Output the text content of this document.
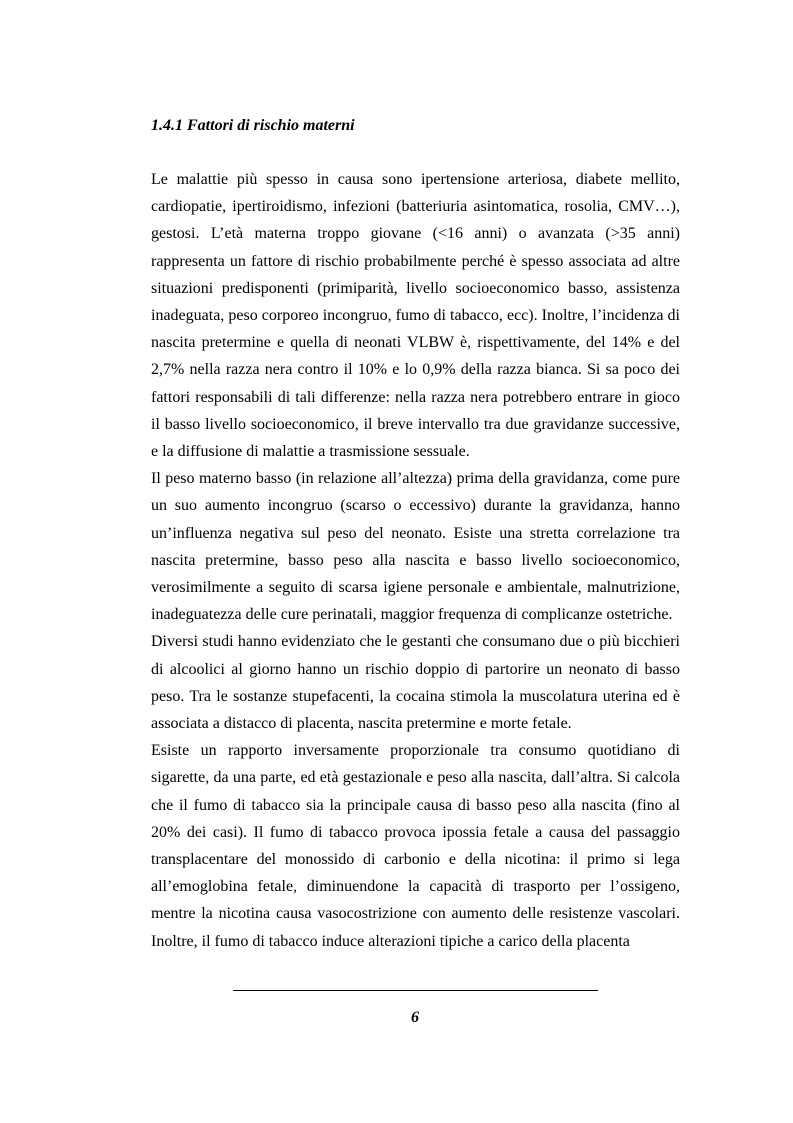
1.4.1 Fattori di rischio materni

Le malattie più spesso in causa sono ipertensione arteriosa, diabete mellito, cardiopatie, ipertiroidismo, infezioni (batteriuria asintomatica, rosolia, CMV…), gestosi. L’età materna troppo giovane (<16 anni) o avanzata (>35 anni) rappresenta un fattore di rischio probabilmente perché è spesso associata ad altre situazioni predisponenti (primiparità, livello socioeconomico basso, assistenza inadeguata, peso corporeo incongruo, fumo di tabacco, ecc). Inoltre, l’incidenza di nascita pretermine e quella di neonati VLBW è, rispettivamente, del 14% e del 2,7% nella razza nera contro il 10% e lo 0,9% della razza bianca. Si sa poco dei fattori responsabili di tali differenze: nella razza nera potrebbero entrare in gioco il basso livello socioeconomico, il breve intervallo tra due gravidanze successive, e la diffusione di malattie a trasmissione sessuale.

Il peso materno basso (in relazione all’altezza) prima della gravidanza, come pure un suo aumento incongruo (scarso o eccessivo) durante la gravidanza, hanno un’influenza negativa sul peso del neonato. Esiste una stretta correlazione tra nascita pretermine, basso peso alla nascita e basso livello socioeconomico, verosimilmente a seguito di scarsa igiene personale e ambientale, malnutrizione, inadeguatezza delle cure perinatali, maggior frequenza di complicanze ostetriche.

Diversi studi hanno evidenziato che le gestanti che consumano due o più bicchieri di alcoolici al giorno hanno un rischio doppio di partorire un neonato di basso peso. Tra le sostanze stupefacenti, la cocaina stimola la muscolatura uterina ed è associata a distacco di placenta, nascita pretermine e morte fetale.

Esiste un rapporto inversamente proporzionale tra consumo quotidiano di sigarette, da una parte, ed età gestazionale e peso alla nascita, dall’altra. Si calcola che il fumo di tabacco sia la principale causa di basso peso alla nascita (fino al 20% dei casi). Il fumo di tabacco provoca ipossia fetale a causa del passaggio transplacentare del monossido di carbonio e della nicotina: il primo si lega all’emoglobina fetale, diminuendone la capacità di trasporto per l’ossigeno, mentre la nicotina causa vasocostrizione con aumento delle resistenze vascolari. Inoltre, il fumo di tabacco induce alterazioni tipiche a carico della placenta

6
